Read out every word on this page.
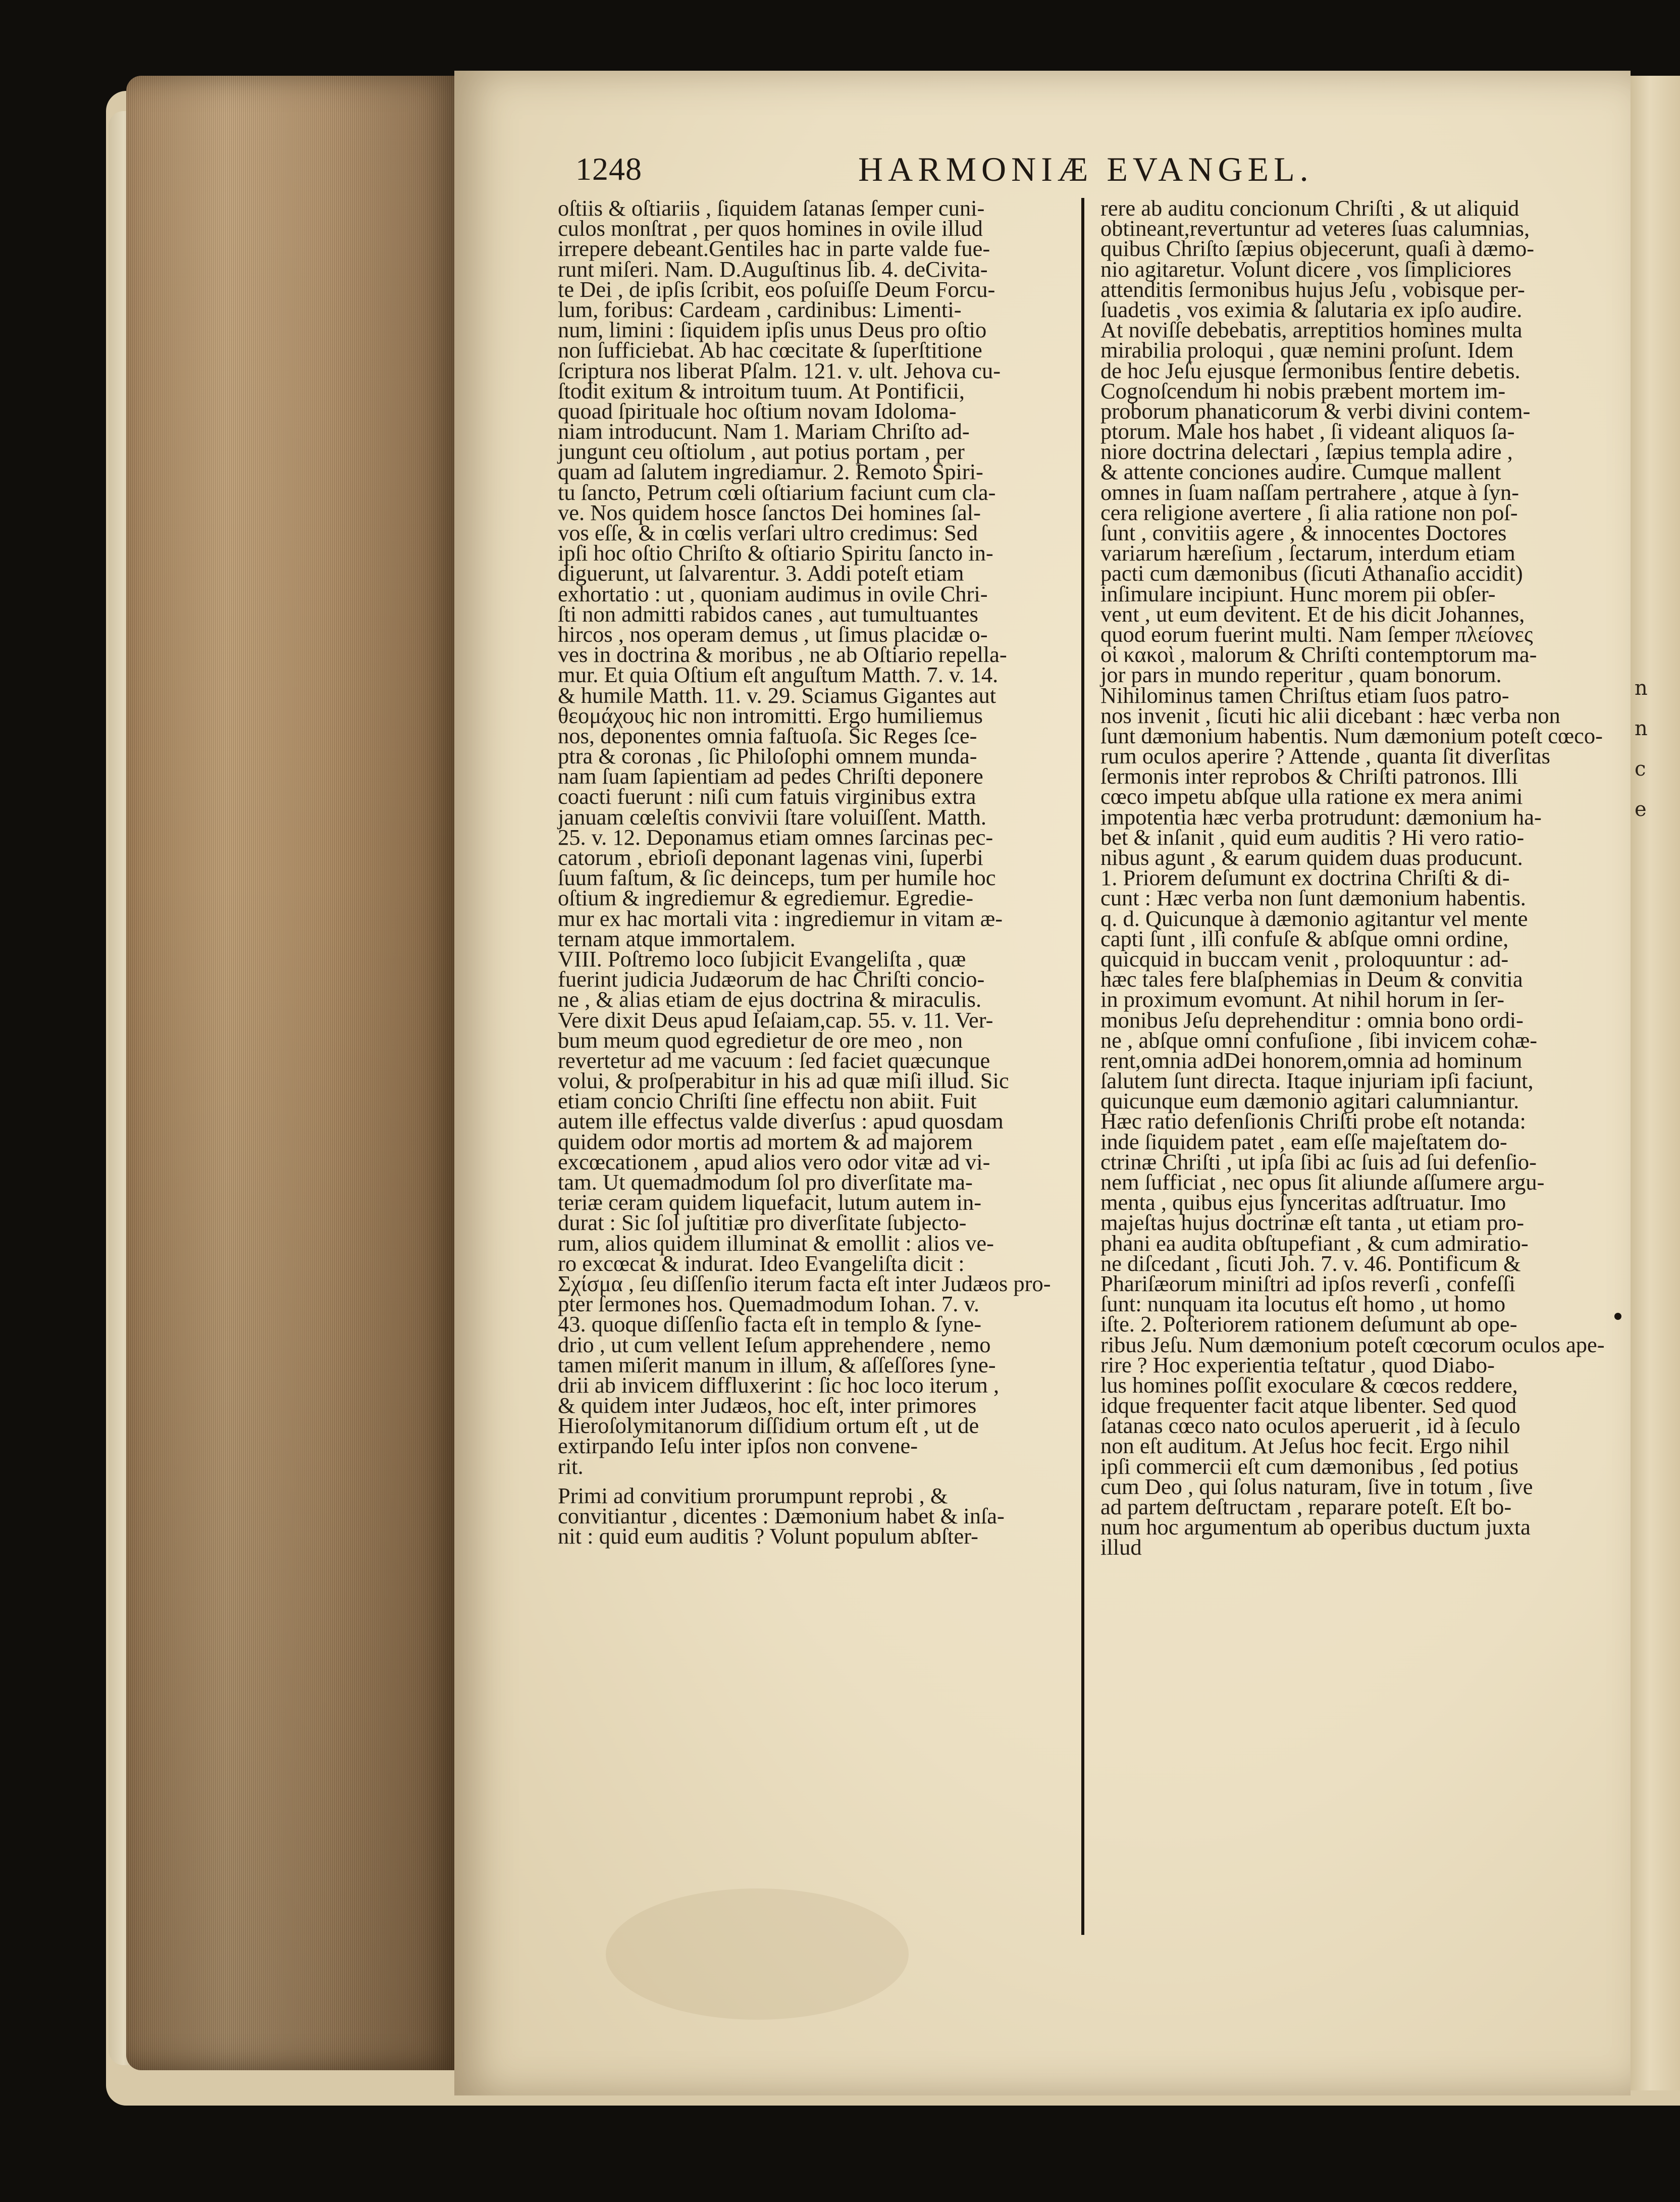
n
n
c
e
1248	HARMONIÆ EVANGEL.
oſtiis & oſtiariis , ſiquidem ſatanas ſemper cuni-
culos monſtrat , per quos homines in ovile illud
irrepere debeant.Gentiles hac in parte valde fue-
runt miſeri. Nam. D.Auguſtinus lib. 4. deCivita-
te Dei , de ipſis ſcribit, eos poſuiſſe Deum Forcu-
lum, foribus: Cardeam , cardinibus: Limenti-
num, limini : ſiquidem ipſis unus Deus pro oſtio
non ſufficiebat. Ab hac cœcitate & ſuperſtitione
ſcriptura nos liberat Pſalm. 121. v. ult. Jehova cu-
ſtodit exitum & introitum tuum. At Pontificii,
quoad ſpirituale hoc oſtium novam Idoloma-
niam introducunt. Nam 1. Mariam Chriſto ad-
jungunt ceu oſtiolum , aut potius portam , per
quam ad ſalutem ingrediamur. 2. Remoto Spiri-
tu ſancto, Petrum cœli oſtiarium faciunt cum cla-
ve. Nos quidem hosce ſanctos Dei homines ſal-
vos eſſe, & in cœlis verſari ultro credimus: Sed
ipſi hoc oſtio Chriſto & oſtiario Spiritu ſancto in-
diguerunt, ut ſalvarentur. 3. Addi poteſt etiam
exhortatio : ut , quoniam audimus in ovile Chri-
ſti non admitti rabidos canes , aut tumultuantes
hircos , nos operam demus , ut ſimus placidæ o-
ves in doctrina & moribus , ne ab Oſtiario repella-
mur. Et quia Oſtium eſt anguſtum Matth. 7. v. 14.
& humile Matth. 11. v. 29. Sciamus Gigantes aut
θεομάχους hic non intromitti. Ergo humiliemus
nos, deponentes omnia faſtuoſa. Sic Reges ſce-
ptra & coronas , ſic Philoſophi omnem munda-
nam ſuam ſapientiam ad pedes Chriſti deponere
coacti fuerunt : niſi cum fatuis virginibus extra
januam cœleſtis convivii ſtare voluiſſent. Matth.
25. v. 12. Deponamus etiam omnes ſarcinas pec-
catorum , ebrioſi deponant lagenas vini, ſuperbi
ſuum faſtum, & ſic deinceps, tum per humile hoc
oſtium & ingrediemur & egrediemur. Egredie-
mur ex hac mortali vita : ingrediemur in vitam æ-
ternam atque immortalem.
VIII. Poſtremo loco ſubjicit Evangeliſta , quæ
fuerint judicia Judæorum de hac Chriſti concio-
ne , & alias etiam de ejus doctrina & miraculis.
Vere dixit Deus apud Ieſaiam,cap. 55. v. 11. Ver-
bum meum quod egredietur de ore meo , non
revertetur ad me vacuum : ſed faciet quæcunque
volui, & proſperabitur in his ad quæ miſi illud. Sic
etiam concio Chriſti ſine effectu non abiit. Fuit
autem ille effectus valde diverſus : apud quosdam
quidem odor mortis ad mortem & ad majorem
excœcationem , apud alios vero odor vitæ ad vi-
tam. Ut quemadmodum ſol pro diverſitate ma-
teriæ ceram quidem liquefacit, lutum autem in-
durat : Sic ſol juſtitiæ pro diverſitate ſubjecto-
rum, alios quidem illuminat & emollit : alios ve-
ro excœcat & indurat. Ideo Evangeliſta dicit :
Σχίσμα , ſeu diſſenſio iterum facta eſt inter Judæos pro-
pter ſermones hos. Quemadmodum Iohan. 7. v.
43. quoque diſſenſio facta eſt in templo & ſyne-
drio , ut cum vellent Ieſum apprehendere , nemo
tamen miſerit manum in illum, & aſſeſſores ſyne-
drii ab invicem diffluxerint : ſic hoc loco iterum ,
& quidem inter Judæos, hoc eſt, inter primores
Hieroſolymitanorum diſſidium ortum eſt , ut de
extirpando Ieſu inter ipſos non convene-
rit.
Primi ad convitium prorumpunt reprobi , &
convitiantur , dicentes : Dæmonium habet & inſa-
nit : quid eum auditis ? Volunt populum abſter-
rere ab auditu concionum Chriſti , & ut aliquid
obtineant,revertuntur ad veteres ſuas calumnias,
quibus Chriſto ſæpius objecerunt, quaſi à dæmo-
nio agitaretur. Volunt dicere , vos ſimpliciores
attenditis ſermonibus hujus Jeſu , vobisque per-
ſuadetis , vos eximia & ſalutaria ex ipſo audire.
At noviſſe debebatis, arreptitios homines multa
mirabilia proloqui , quæ nemini proſunt. Idem
de hoc Jeſu ejusque ſermonibus ſentire debetis.
Cognoſcendum hi nobis præbent mortem im-
proborum phanaticorum & verbi divini contem-
ptorum. Male hos habet , ſi videant aliquos ſa-
niore doctrina delectari , ſæpius templa adire ,
& attente conciones audire. Cumque mallent
omnes in ſuam naſſam pertrahere , atque à ſyn-
cera religione avertere , ſi alia ratione non poſ-
ſunt , convitiis agere , & innocentes Doctores
variarum hæreſium , ſectarum, interdum etiam
pacti cum dæmonibus (ſicuti Athanaſio accidit)
inſimulare incipiunt. Hunc morem pii obſer-
vent , ut eum devitent. Et de his dicit Johannes,
quod eorum fuerint multi. Nam ſemper πλείονες
οἱ κακοὶ , malorum & Chriſti contemptorum ma-
jor pars in mundo reperitur , quam bonorum.
Nihilominus tamen Chriſtus etiam ſuos patro-
nos invenit , ſicuti hic alii dicebant : hæc verba non
ſunt dæmonium habentis. Num dæmonium poteſt cœco-
rum oculos aperire ? Attende , quanta ſit diverſitas
ſermonis inter reprobos & Chriſti patronos. Illi
cœco impetu abſque ulla ratione ex mera animi
impotentia hæc verba protrudunt: dæmonium ha-
bet & inſanit , quid eum auditis ? Hi vero ratio-
nibus agunt , & earum quidem duas producunt.
1. Priorem deſumunt ex doctrina Chriſti & di-
cunt : Hæc verba non ſunt dæmonium habentis.
q. d. Quicunque à dæmonio agitantur vel mente
capti ſunt , illi confuſe & abſque omni ordine,
quicquid in buccam venit , proloquuntur : ad-
hæc tales fere blaſphemias in Deum & convitia
in proximum evomunt. At nihil horum in ſer-
monibus Jeſu deprehenditur : omnia bono ordi-
ne , abſque omni confuſione , ſibi invicem cohæ-
rent,omnia adDei honorem,omnia ad hominum
ſalutem ſunt directa. Itaque injuriam ipſi faciunt,
quicunque eum dæmonio agitari calumniantur.
Hæc ratio defenſionis Chriſti probe eſt notanda:
inde ſiquidem patet , eam eſſe majeſtatem do-
ctrinæ Chriſti , ut ipſa ſibi ac ſuis ad ſui defenſio-
nem ſufficiat , nec opus ſit aliunde aſſumere argu-
menta , quibus ejus ſynceritas adſtruatur. Imo
majeſtas hujus doctrinæ eſt tanta , ut etiam pro-
phani ea audita obſtupefiant , & cum admiratio-
ne diſcedant , ſicuti Joh. 7. v. 46. Pontificum &
Phariſæorum miniſtri ad ipſos reverſi , confeſſi
ſunt: nunquam ita locutus eſt homo , ut homo
iſte. 2. Poſteriorem rationem deſumunt ab ope-
ribus Jeſu. Num dæmonium poteſt cœcorum oculos ape-
rire ? Hoc experientia teſtatur , quod Diabo-
lus homines poſſit exoculare & cœcos reddere,
idque frequenter facit atque libenter. Sed quod
ſatanas cœco nato oculos aperuerit , id à ſeculo
non eſt auditum. At Jeſus hoc fecit. Ergo nihil
ipſi commercii eſt cum dæmonibus , ſed potius
cum Deo , qui ſolus naturam, ſive in totum , ſive
ad partem deſtructam , reparare poteſt. Eſt bo-
num hoc argumentum ab operibus ductum juxta
illud
